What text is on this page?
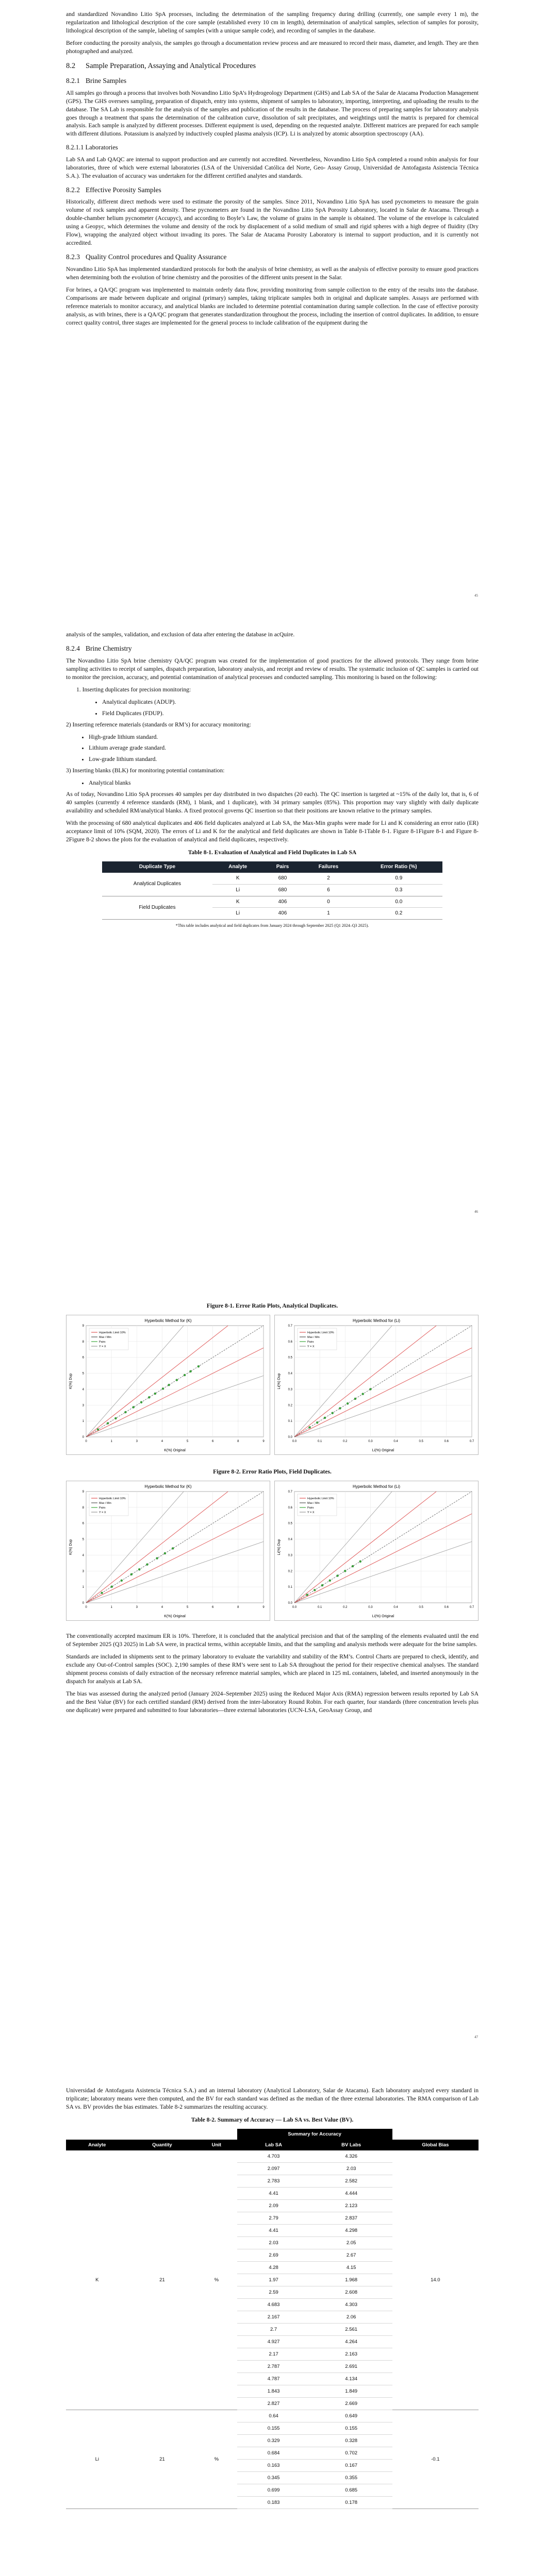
and standardized Novandino Litio SpA processes, including the determination of the sampling frequency during drilling (currently, one sample every 1 m), the regularization and lithological description of the core sample (established every 10 cm in length), determination of analytical samples, selection of samples for porosity, lithological description of the sample, labeling of samples (with a unique sample code), and recording of samples in the database.

Before conducting the porosity analysis, the samples go through a documentation review process and are measured to record their mass, diameter, and length. They are then photographed and analyzed.

8.2 Sample Preparation, Assaying and Analytical Procedures
8.2.1 Brine Samples

All samples go through a process that involves both Novandino Litio SpA’s Hydrogeology Department (GHS) and Lab SA of the Salar de Atacama Production Management (GPS). The GHS oversees sampling, preparation of dispatch, entry into systems, shipment of samples to laboratory, importing, interpreting, and uploading the results to the database. The SA Lab is responsible for the analysis of the samples and publication of the results in the database. The process of preparing samples for laboratory analysis goes through a treatment that spans the determination of the calibration curve, dissolution of salt precipitates, and weightings until the matrix is prepared for chemical analysis. Each sample is analyzed by different processes. Different equipment is used, depending on the requested analyte. Different matrices are prepared for each sample with different dilutions. Potassium is analyzed by inductively coupled plasma analysis (ICP). Li is analyzed by atomic absorption spectroscopy (AA).

8.2.1.1 Laboratories

Lab SA and Lab QAQC are internal to support production and are currently not accredited. Nevertheless, Novandino Litio SpA completed a round robin analysis for four laboratories, three of which were external laboratories (LSA of the Universidad Católica del Norte, Geo- Assay Group, Universidad de Antofagasta Asistencia Técnica S.A.). The evaluation of accuracy was undertaken for the different certified analytes and standards.

8.2.2 Effective Porosity Samples

Historically, different direct methods were used to estimate the porosity of the samples. Since 2011, Novandino Litio SpA has used pycnometers to measure the grain volume of rock samples and apparent density. These pycnometers are found in the Novandino Litio SpA Porosity Laboratory, located in Salar de Atacama. Through a double-chamber helium pycnometer (Accupyc), and according to Boyle’s Law, the volume of grains in the sample is obtained. The volume of the envelope is calculated using a Geopyc, which determines the volume and density of the rock by displacement of a solid medium of small and rigid spheres with a high degree of fluidity (Dry Flow), wrapping the analyzed object without invading its pores. The Salar de Atacama Porosity Laboratory is internal to support production, and it is currently not accredited.

8.2.3 Quality Control procedures and Quality Assurance

Novandino Litio SpA has implemented standardized protocols for both the analysis of brine chemistry, as well as the analysis of effective porosity to ensure good practices when determining both the evolution of brine chemistry and the porosities of the different units present in the Salar.

For brines, a QA/QC program was implemented to maintain orderly data flow, providing monitoring from sample collection to the entry of the results into the database. Comparisons are made between duplicate and original (primary) samples, taking triplicate samples both in original and duplicate samples. Assays are performed with reference materials to monitor accuracy, and analytical blanks are included to determine potential contamination during sample collection. In the case of effective porosity analysis, as with brines, there is a QA/QC program that generates standardization throughout the process, including the insertion of control duplicates. In addition, to ensure correct quality control, three stages are implemented for the general process to include calibration of the equipment during the

45

analysis of the samples, validation, and exclusion of data after entering the database in acQuire.

8.2.4 Brine Chemistry

The Novandino Litio SpA brine chemistry QA/QC program was created for the implementation of good practices for the allowed protocols. They range from brine sampling activities to receipt of samples, dispatch preparation, laboratory analysis, and receipt and review of results. The systematic inclusion of QC samples is carried out to monitor the precision, accuracy, and potential contamination of analytical processes and conducted sampling. This monitoring is based on the following:

1. Inserting duplicates for precision monitoring:

• Analytical duplicates (ADUP).
• Field Duplicates (FDUP).

2) Inserting reference materials (standards or RM’s) for accuracy monitoring:

• High-grade lithium standard.
• Lithium average grade standard.
• Low-grade lithium standard.

3) Inserting blanks (BLK) for monitoring potential contamination:

• Analytical blanks

As of today, Novandino Litio SpA processes 40 samples per day distributed in two dispatches (20 each). The QC insertion is targeted at ~15% of the daily lot, that is, 6 of 40 samples (currently 4 reference standards (RM), 1 blank, and 1 duplicate), with 34 primary samples (85%). This proportion may vary slightly with daily duplicate availability and scheduled RM/analytical blanks. A fixed protocol governs QC insertion so that their positions are known relative to the primary samples.

With the processing of 680 analytical duplicates and 406 field duplicates analyzed at Lab SA, the Max-Min graphs were made for Li and K considering an error ratio (ER) acceptance limit of 10% (SQM, 2020). The errors of Li and K for the analytical and field duplicates are shown in Table 8-1Table 8-1. Figure 8-1Figure 8-1 and Figure 8-2Figure 8-2 shows the plots for the evaluation of analytical and field duplicates, respectively.

Table 8-1. Evaluation of Analytical and Field Duplicates in Lab SA
Duplicate Type	Analyte	Pairs	Failures	Error Ratio (%)
Analytical Duplicates	K	680	2	0.9
	Li	680	6	0.3
Field Duplicates	K	406	0	0.0
	Li	406	1	0.2
*This table includes analytical and field duplicates from January 2024 through September 2025 (Q1 2024–Q3 2025).
46
Figure 8-1. Error Ratio Plots, Analytical Duplicates.
Hyperbolic Method for (K)
0
0
1
1
3
3
4
4
5
5
6
6
8
8
9
9
K(%) Original
K(%) Dup
Hyperbolic Limit 10%
Max / Min
Pairs
Y = X
Hyperbolic Method for (Li)
0.0
0.0
0.1
0.1
0.2
0.2
0.3
0.3
0.4
0.4
0.5
0.5
0.6
0.6
0.7
0.7
Li(%) Original
Li(%) Dup
Hyperbolic Limit 10%
Max / Min
Pairs
Y = X
Figure 8-2. Error Ratio Plots, Field Duplicates.
Hyperbolic Method for (K)
0
0
1
1
3
3
4
4
5
5
6
6
8
8
9
9
K(%) Original
K(%) Dup
Hyperbolic Limit 10%
Max / Min
Pairs
Y = X
Hyperbolic Method for (Li)
0.0
0.0
0.1
0.1
0.2
0.2
0.3
0.3
0.4
0.4
0.5
0.5
0.6
0.6
0.7
0.7
Li(%) Original
Li(%) Dup
Hyperbolic Limit 10%
Max / Min
Pairs
Y = X

The conventionally accepted maximum ER is 10%. Therefore, it is concluded that the analytical precision and that of the sampling of the elements evaluated until the end of September 2025 (Q3 2025) in Lab SA were, in practical terms, within acceptable limits, and that the sampling and analysis methods were adequate for the brine samples.

Standards are included in shipments sent to the primary laboratory to evaluate the variability and stability of the RM’s. Control Charts are prepared to check, identify, and exclude any Out-of-Control samples (SOC). 2,190 samples of these RM’s were sent to Lab SA throughout the period for their respective chemical analyses. The standard shipment process consists of daily extraction of the necessary reference material samples, which are placed in 125 mL containers, labeled, and inserted anonymously in the dispatch for analysis at Lab SA.

The bias was assessed during the analyzed period (January 2024–September 2025) using the Reduced Major Axis (RMA) regression between results reported by Lab SA and the Best Value (BV) for each certified standard (RM) derived from the inter-laboratory Round Robin. For each quarter, four standards (three concentration levels plus one duplicate) were prepared and submitted to four laboratories—three external laboratories (UCN-LSA, GeoAssay Group, and

47

Universidad de Antofagasta Asistencia Técnica S.A.) and an internal laboratory (Analytical Laboratory, Salar de Atacama). Each laboratory analyzed every standard in triplicate; laboratory means were then computed, and the BV for each standard was defined as the median of the three external laboratories. The RMA comparison of Lab SA vs. BV provides the bias estimates. Table 8-2 summarizes the resulting accuracy.

Table 8-2. Summary of Accuracy — Lab SA vs. Best Value (BV).
			Summary for Accuracy		
Analyte	Quantity	Unit	Lab SA	BV Labs	Global Bias
K	21	%	4.703	4.326	14.0
			2.097	2.03	
			2.783	2.582	
			4.41	4.444	
			2.09	2.123	
			2.79	2.837	
			4.41	4.298	
			2.03	2.05	
			2.69	2.67	
			4.28	4.15	
			1.97	1.968	
			2.59	2.608	
			4.683	4.303	
			2.167	2.06	
			2.7	2.561	
			4.927	4.264	
			2.17	2.163	
			2.787	2.691	
			4.787	4.134	
			1.843	1.849	
			2.827	2.669	
Li	21	%	0.64	0.649	-0.1
			0.155	0.155	
			0.329	0.328	
			0.684	0.702	
			0.163	0.167	
			0.345	0.355	
			0.699	0.685	
			0.183	0.178	
